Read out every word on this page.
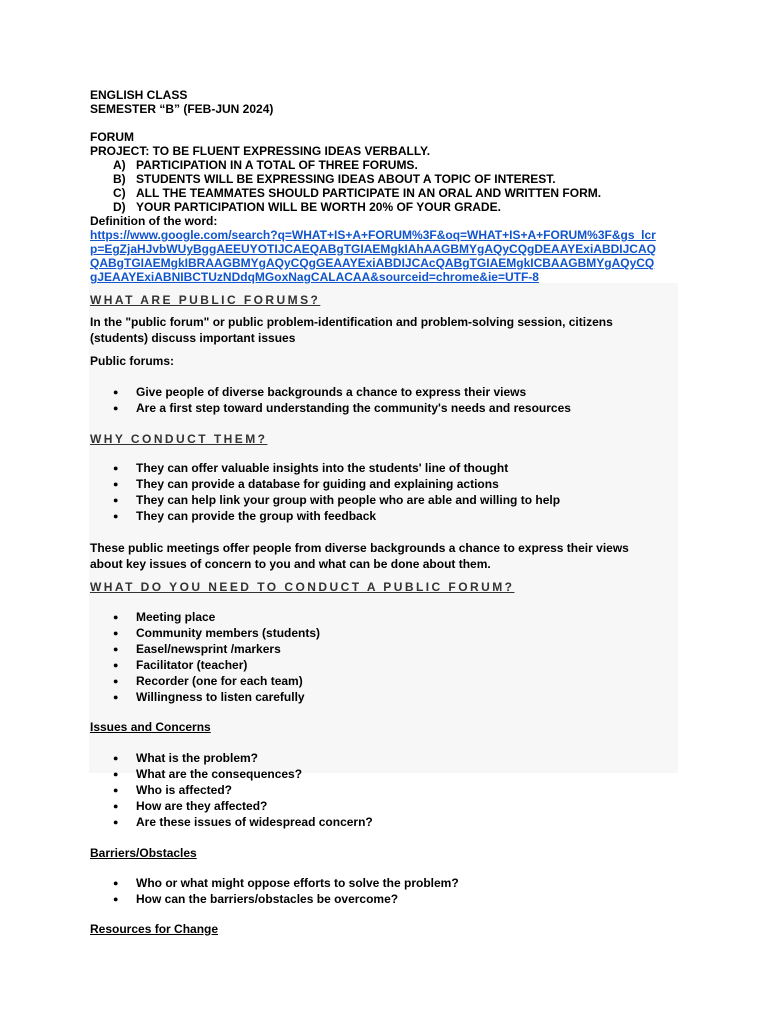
ENGLISH CLASS
SEMESTER “B” (FEB-JUN 2024)
FORUM
PROJECT: TO BE FLUENT EXPRESSING IDEAS VERBALLY.
A) PARTICIPATION IN A TOTAL OF THREE FORUMS.
B) STUDENTS WILL BE EXPRESSING IDEAS ABOUT A TOPIC OF INTEREST.
C) ALL THE TEAMMATES SHOULD PARTICIPATE IN AN ORAL AND WRITTEN FORM.
D) YOUR PARTICIPATION WILL BE WORTH 20% OF YOUR GRADE.
Definition of the word:
https://www.google.com/search?q=WHAT+IS+A+FORUM%3F&oq=WHAT+IS+A+FORUM%3F&gs_lcr
p=EgZjaHJvbWUyBggAEEUYOTIJCAEQABgTGIAEMgkIAhAAGBMYgAQyCQgDEAAYExiABDIJCAQ
QABgTGIAEMgkIBRAAGBMYgAQyCQgGEAAYExiABDIJCAcQABgTGIAEMgkICBAAGBMYgAQyCQ
gJEAAYExiABNIBCTUzNDdqMGoxNagCALACAA&sourceid=chrome&ie=UTF-8
WHAT ARE PUBLIC FORUMS?
In the "public forum" or public problem-identification and problem-solving session, citizens
(students) discuss important issues
Public forums:
● Give people of diverse backgrounds a chance to express their views
● Are a first step toward understanding the community's needs and resources
WHY CONDUCT THEM?
● They can offer valuable insights into the students' line of thought
● They can provide a database for guiding and explaining actions
● They can help link your group with people who are able and willing to help
● They can provide the group with feedback
These public meetings offer people from diverse backgrounds a chance to express their views
about key issues of concern to you and what can be done about them.
WHAT DO YOU NEED TO CONDUCT A PUBLIC FORUM?
● Meeting place
● Community members (students)
● Easel/newsprint /markers
● Facilitator (teacher)
● Recorder (one for each team)
● Willingness to listen carefully
Issues and Concerns
● What is the problem?
● What are the consequences?
● Who is affected?
● How are they affected?
● Are these issues of widespread concern?
Barriers/Obstacles
● Who or what might oppose efforts to solve the problem?
● How can the barriers/obstacles be overcome?
Resources for Change
